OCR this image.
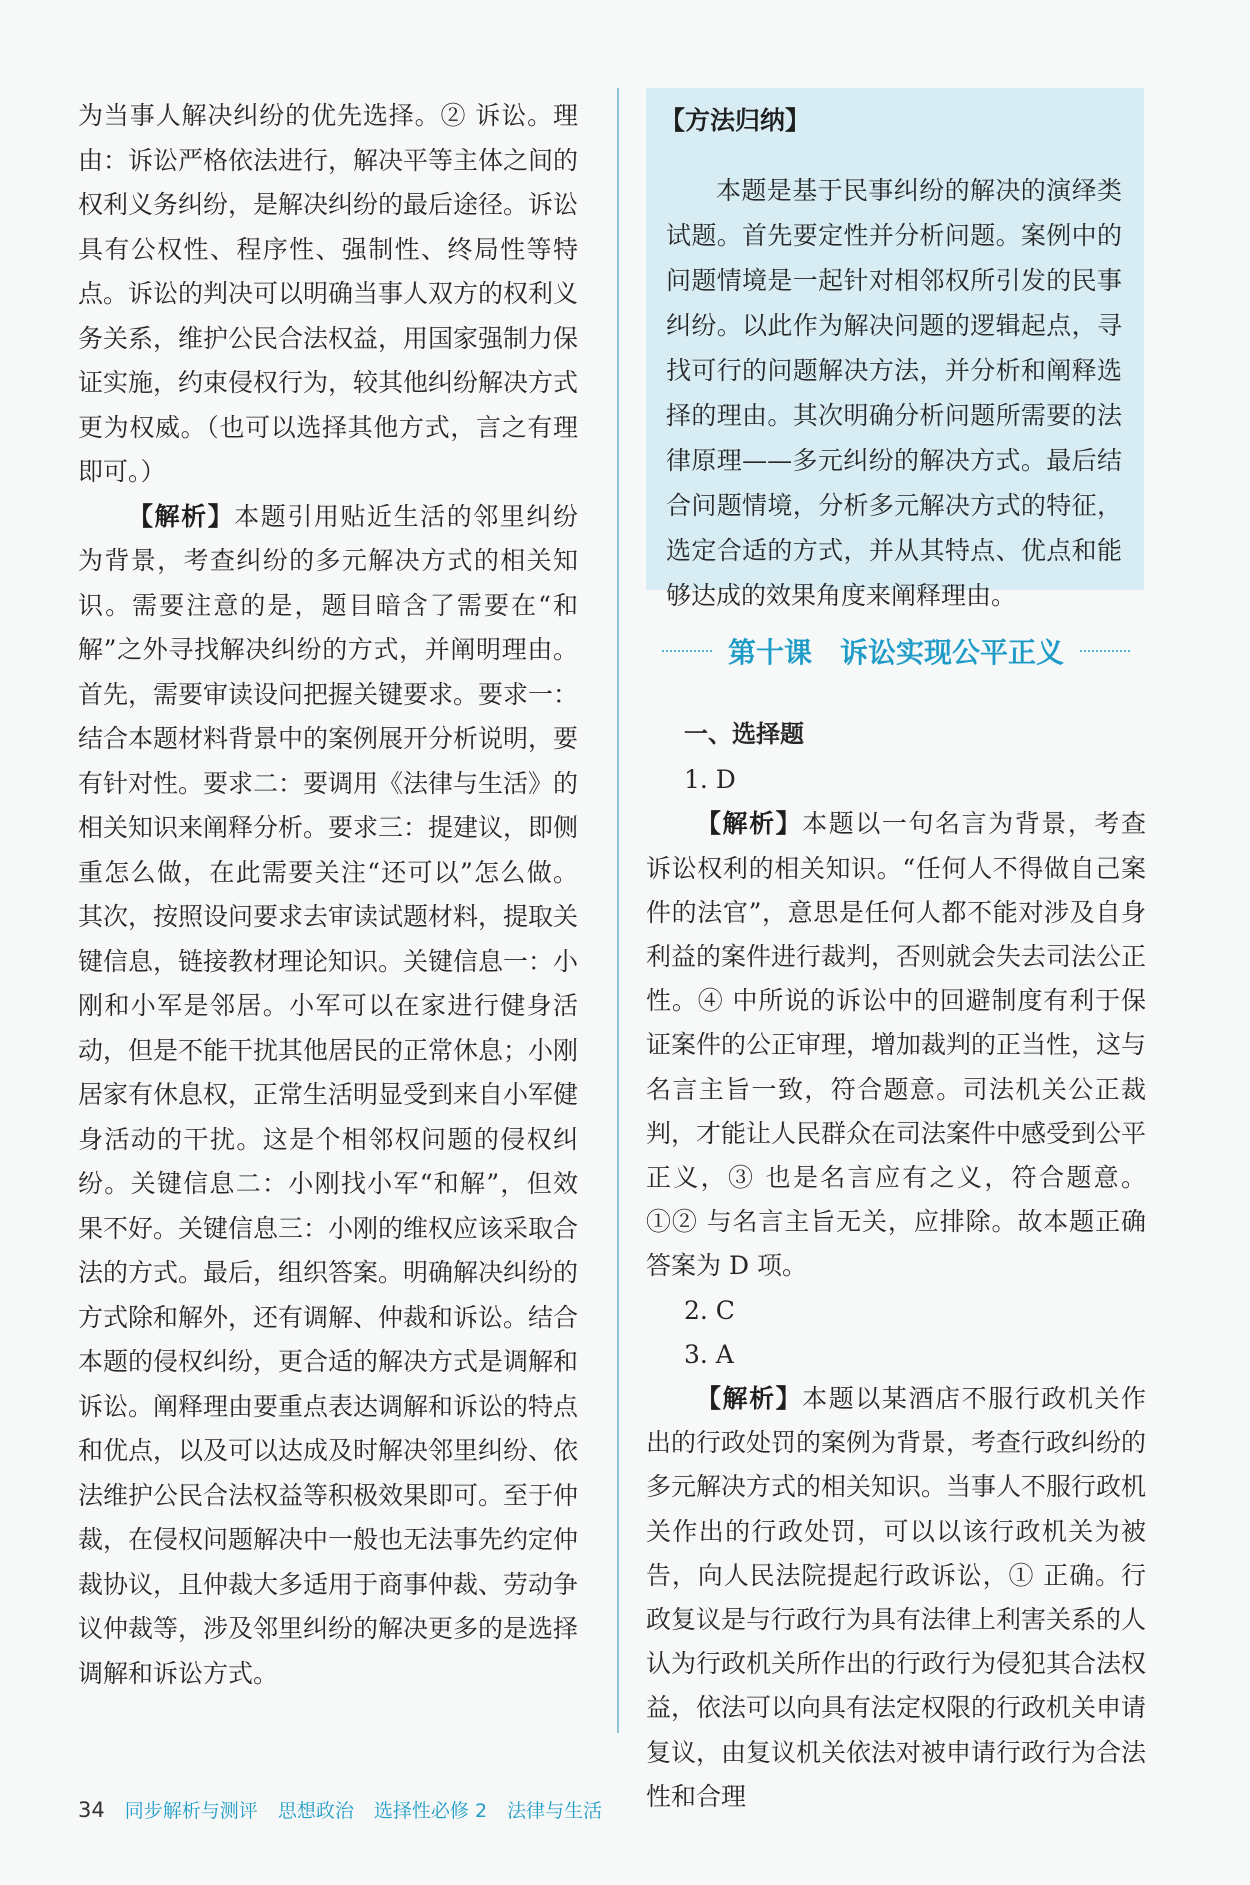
为当事人解决纠纷的优先选择。② 诉讼。理由：诉讼严格依法进行，解决平等主体之间的权利义务纠纷，是解决纠纷的最后途径。诉讼具有公权性、程序性、强制性、终局性等特点。诉讼的判决可以明确当事人双方的权利义务关系，维护公民合法权益，用国家强制力保证实施，约束侵权行为，较其他纠纷解决方式更为权威。（也可以选择其他方式，言之有理即可。）

【解析】本题引用贴近生活的邻里纠纷为背景，考查纠纷的多元解决方式的相关知识。需要注意的是，题目暗含了需要在“和解”之外寻找解决纠纷的方式，并阐明理由。首先，需要审读设问把握关键要求。要求一：结合本题材料背景中的案例展开分析说明，要有针对性。要求二：要调用《法律与生活》的相关知识来阐释分析。要求三：提建议，即侧重怎么做，在此需要关注“还可以”怎么做。其次，按照设问要求去审读试题材料，提取关键信息，链接教材理论知识。关键信息一：小刚和小军是邻居。小军可以在家进行健身活动，但是不能干扰其他居民的正常休息；小刚居家有休息权，正常生活明显受到来自小军健身活动的干扰。这是个相邻权问题的侵权纠纷。关键信息二：小刚找小军“和解”，但效果不好。关键信息三：小刚的维权应该采取合法的方式。最后，组织答案。明确解决纠纷的方式除和解外，还有调解、仲裁和诉讼。结合本题的侵权纠纷，更合适的解决方式是调解和诉讼。阐释理由要重点表达调解和诉讼的特点和优点，以及可以达成及时解决邻里纠纷、依法维护公民合法权益等积极效果即可。至于仲裁，在侵权问题解决中一般也无法事先约定仲裁协议，且仲裁大多适用于商事仲裁、劳动争议仲裁等，涉及邻里纠纷的解决更多的是选择调解和诉讼方式。

【方法归纳】

本题是基于民事纠纷的解决的演绎类试题。首先要定性并分析问题。案例中的问题情境是一起针对相邻权所引发的民事纠纷。以此作为解决问题的逻辑起点，寻找可行的问题解决方法，并分析和阐释选择的理由。其次明确分析问题所需要的法律原理——多元纠纷的解决方式。最后结合问题情境，分析多元解决方式的特征，选定合适的方式，并从其特点、优点和能够达成的效果角度来阐释理由。

第十课 诉讼实现公平正义

一、选择题

1. D

【解析】本题以一句名言为背景，考查诉讼权利的相关知识。“任何人不得做自己案件的法官”，意思是任何人都不能对涉及自身利益的案件进行裁判，否则就会失去司法公正性。④ 中所说的诉讼中的回避制度有利于保证案件的公正审理，增加裁判的正当性，这与名言主旨一致，符合题意。司法机关公正裁判，才能让人民群众在司法案件中感受到公平正义，③ 也是名言应有之义，符合题意。①② 与名言主旨无关，应排除。故本题正确答案为 D 项。

2. C

3. A

【解析】本题以某酒店不服行政机关作出的行政处罚的案例为背景，考查行政纠纷的多元解决方式的相关知识。当事人不服行政机关作出的行政处罚，可以以该行政机关为被告，向人民法院提起行政诉讼，① 正确。行政复议是与行政行为具有法律上利害关系的人认为行政机关所作出的行政行为侵犯其合法权益，依法可以向具有法定权限的行政机关申请复议，由复议机关依法对被申请行政行为合法性和合理

34 同步解析与测评 思想政治 选择性必修 2 法律与生活
